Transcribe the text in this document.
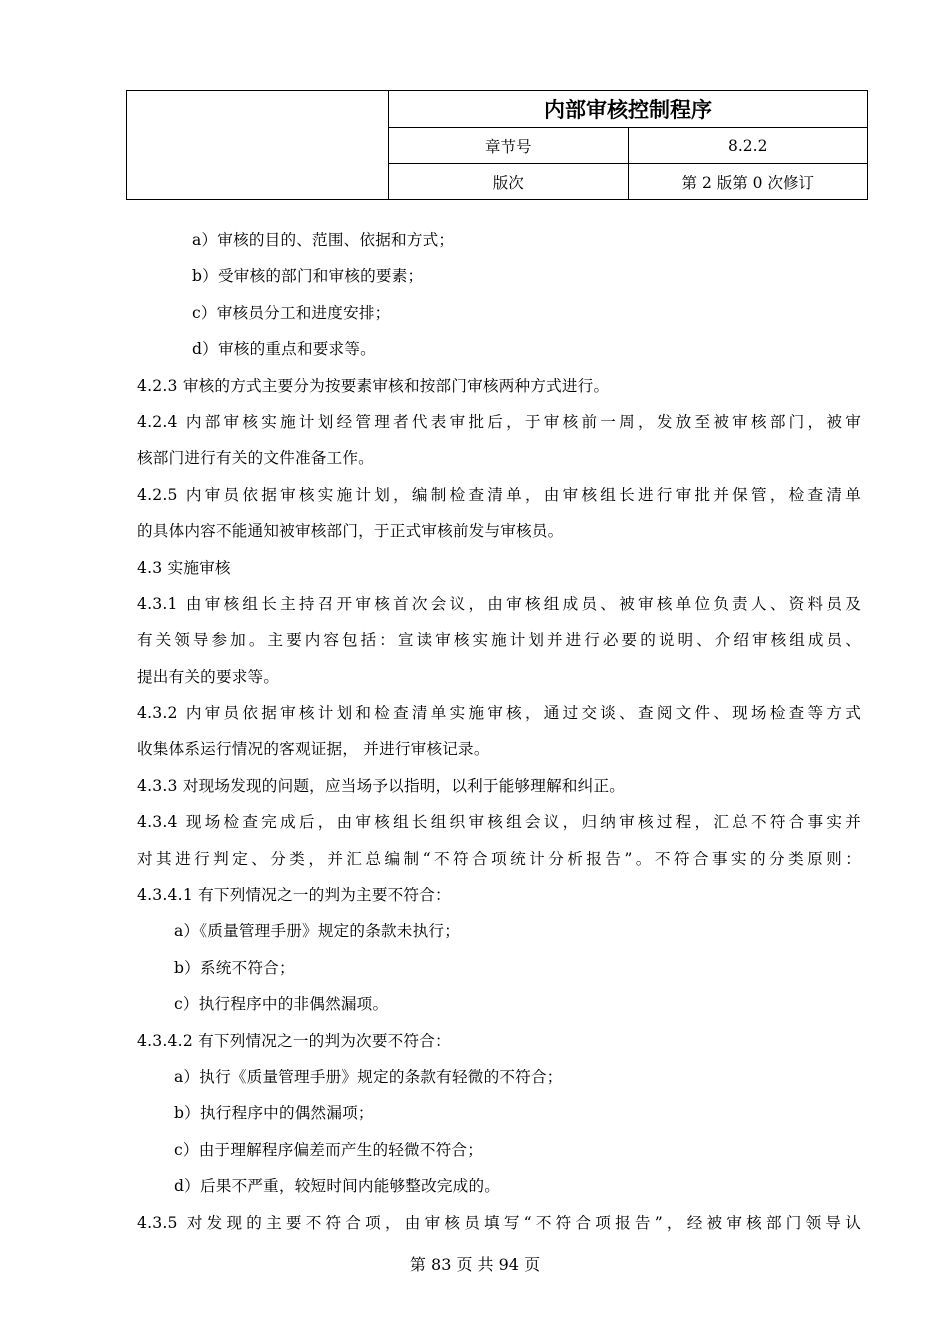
	内部审核控制程序	
	章节号	8.2.2
	版次	第 2 版第 0 次修订
a）审核的目的、范围、依据和方式；
b）受审核的部门和审核的要素；
c）审核员分工和进度安排；
d）审核的重点和要求等。
4.2.3 审核的方式主要分为按要素审核和按部门审核两种方式进行。
4.2.4 内部审核实施计划经管理者代表审批后，于审核前一周，发放至被审核部门，被审
核部门进行有关的文件准备工作。
4.2.5 内审员依据审核实施计划，编制检查清单，由审核组长进行审批并保管，检查清单
的具体内容不能通知被审核部门，于正式审核前发与审核员。
4.3 实施审核
4.3.1 由审核组长主持召开审核首次会议，由审核组成员、被审核单位负责人、资料员及
有关领导参加。主要内容包括：宣读审核实施计划并进行必要的说明、介绍审核组成员、
提出有关的要求等。
4.3.2 内审员依据审核计划和检查清单实施审核，通过交谈、查阅文件、现场检查等方式
收集体系运行情况的客观证据， 并进行审核记录。
4.3.3 对现场发现的问题，应当场予以指明，以利于能够理解和纠正。
4.3.4 现场检查完成后，由审核组长组织审核组会议，归纳审核过程，汇总不符合事实并
对其进行判定、分类，并汇总编制“不符合项统计分析报告”。不符合事实的分类原则：
4.3.4.1 有下列情况之一的判为主要不符合：
a）《质量管理手册》规定的条款未执行；
b）系统不符合；
c）执行程序中的非偶然漏项。
4.3.4.2 有下列情况之一的判为次要不符合：
a）执行《质量管理手册》规定的条款有轻微的不符合；
b）执行程序中的偶然漏项；
c）由于理解程序偏差而产生的轻微不符合；
d）后果不严重，较短时间内能够整改完成的。
4.3.5 对发现的主要不符合项，由审核员填写“不符合项报告”，经被审核部门领导认
第 83 页 共 94 页
